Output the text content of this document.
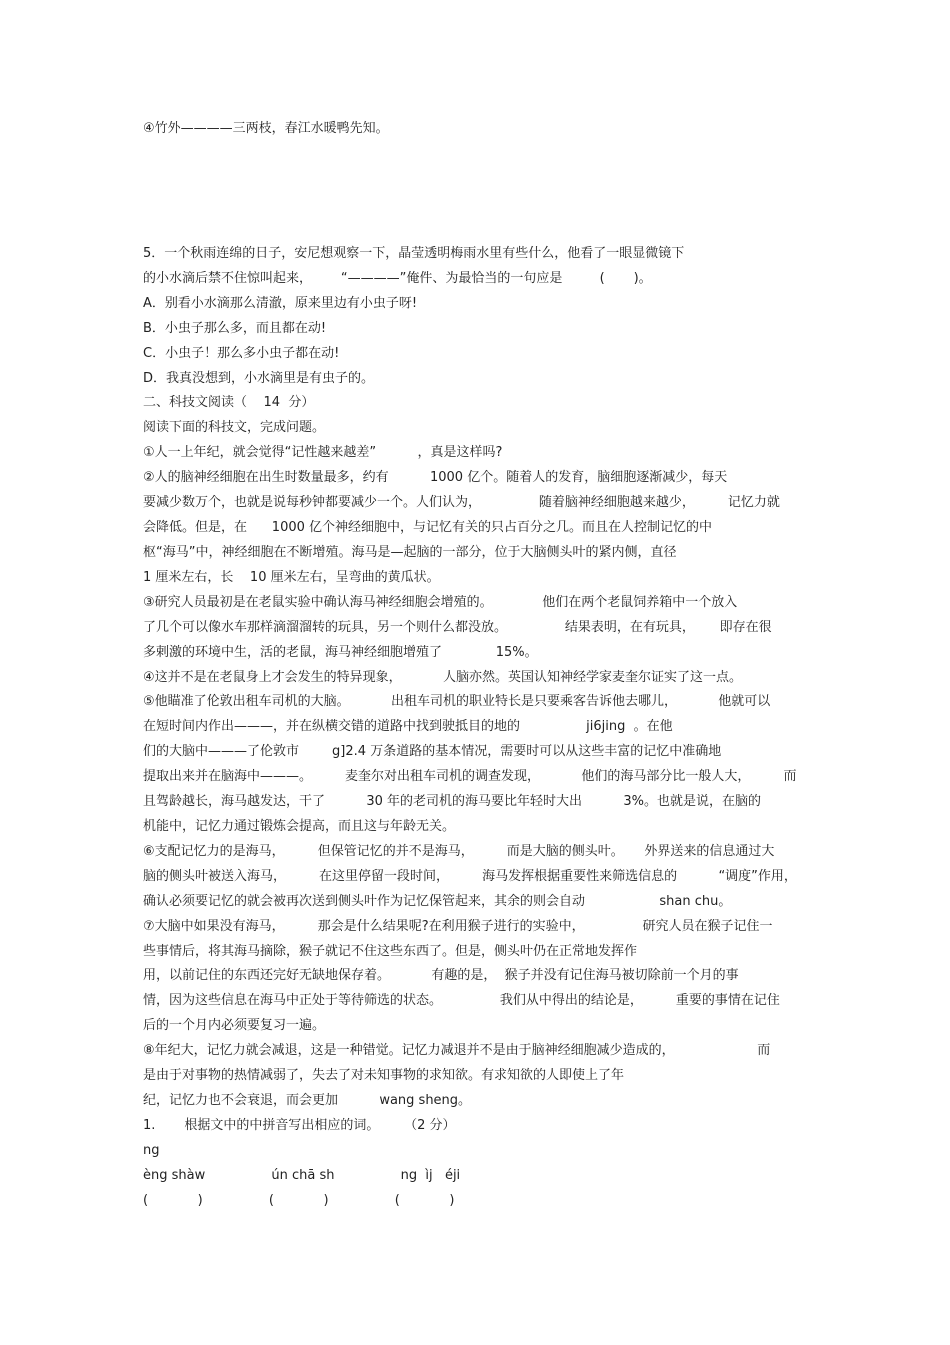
④竹外————三两枝，春江水暖鸭先知。

5．一个秋雨连绵的日子，安尼想观察一下，晶莹透明梅雨水里有些什么，他看了一眼显微镜下
的小水滴后禁不住惊叫起来，       “————”俺件、为最恰当的一句应是         (       )。
A．别看小水滴那么清澈，原来里边有小虫子呀!
B．小虫子那么多，而且都在动!
C．小虫子！那么多小虫子都在动!
D．我真没想到，小水滴里是有虫子的。
二、科技文阅读（    14  分）
阅读下面的科技文，完成问题。
①人一上年纪，就会觉得“记性越来越差”          ，真是这样吗?
②人的脑神经细胞在出生时数量最多，约有          1000 亿个。随着人的发育，脑细胞逐渐减少，每天
要减少数万个，也就是说每秒钟都要减少一个。人们认为，              随着脑神经细胞越来越少，        记忆力就
会降低。但是，在      1000 亿个神经细胞中，与记忆有关的只占百分之几。而且在人控制记忆的中
枢“海马”中，神经细胞在不断增殖。海马是—起脑的一部分，位于大脑侧头叶的紧内侧，直径
1 厘米左右，长    10 厘米左右，呈弯曲的黄瓜状。
③研究人员最初是在老鼠实验中确认海马神经细胞会增殖的。            他们在两个老鼠饲养箱中一个放入
了几个可以像水车那样滴溜溜转的玩具，另一个则什么都没放。              结果表明，在有玩具，      即存在很
多剌激的环境中生，活的老鼠，海马神经细胞增殖了             15%。
④这并不是在老鼠身上才会发生的特异现象，          人脑亦然。英国认知神经学家麦奎尔证实了这一点。
⑤他瞄准了伦敦出租车司机的大脑。          出租车司机的职业特长是只要乘客告诉他去哪儿，          他就可以
在短时间内作出———，并在纵横交错的道路中找到驶抵目的地的                ji6jing  。在他
们的大脑中———了伦敦市        g]2.4 万条道路的基本情况，需要时可以从这些丰富的记忆中准确地
提取出来并在脑海中———。        麦奎尔对出租车司机的调查发现，          他们的海马部分比一般人大，        而
且驾龄越长，海马越发达，干了          30 年的老司机的海马要比年轻时大出          3%。也就是说，在脑的
机能中，记忆力通过锻炼会提高，而且这与年龄无关。
⑥支配记忆力的是海马，        但保管记忆的并不是海马，        而是大脑的侧头叶。     外界送来的信息通过大
脑的侧头叶被送入海马，        在这里停留一段时间，        海马发挥根据重要性来筛选信息的          “调度”作用，
确认必须要记忆的就会被再次送到侧头叶作为记忆保管起来，其余的则会自动                  shan chu。
⑦大脑中如果没有海马，        那会是什么结果呢?在利用猴子进行的实验中，              研究人员在猴子记住一
些事情后，将其海马摘除，猴子就记不住这些东西了。但是，侧头叶仍在正常地发挥作
用，以前记住的东西还完好无缺地保存着。          有趣的是，  猴子并没有记住海马被切除前一个月的事
情，因为这些信息在海马中正处于等待筛选的状态。              我们从中得出的结论是，        重要的事情在记住
后的一个月内必须要复习一遍。
⑧年纪大，记忆力就会减退，这是一种错觉。记忆力减退并不是由于脑神经细胞减少造成的，                    而
是由于对事物的热情减弱了，失去了对未知事物的求知欲。有求知欲的人即使上了年
纪，记忆力也不会衰退，而会更加          wang sheng。
1.       根据文中的中拼音写出相应的词。      （2 分）
ng
èng shàw                ún chā sh                ng  ìj   éji
(            )                (            )                (            )
